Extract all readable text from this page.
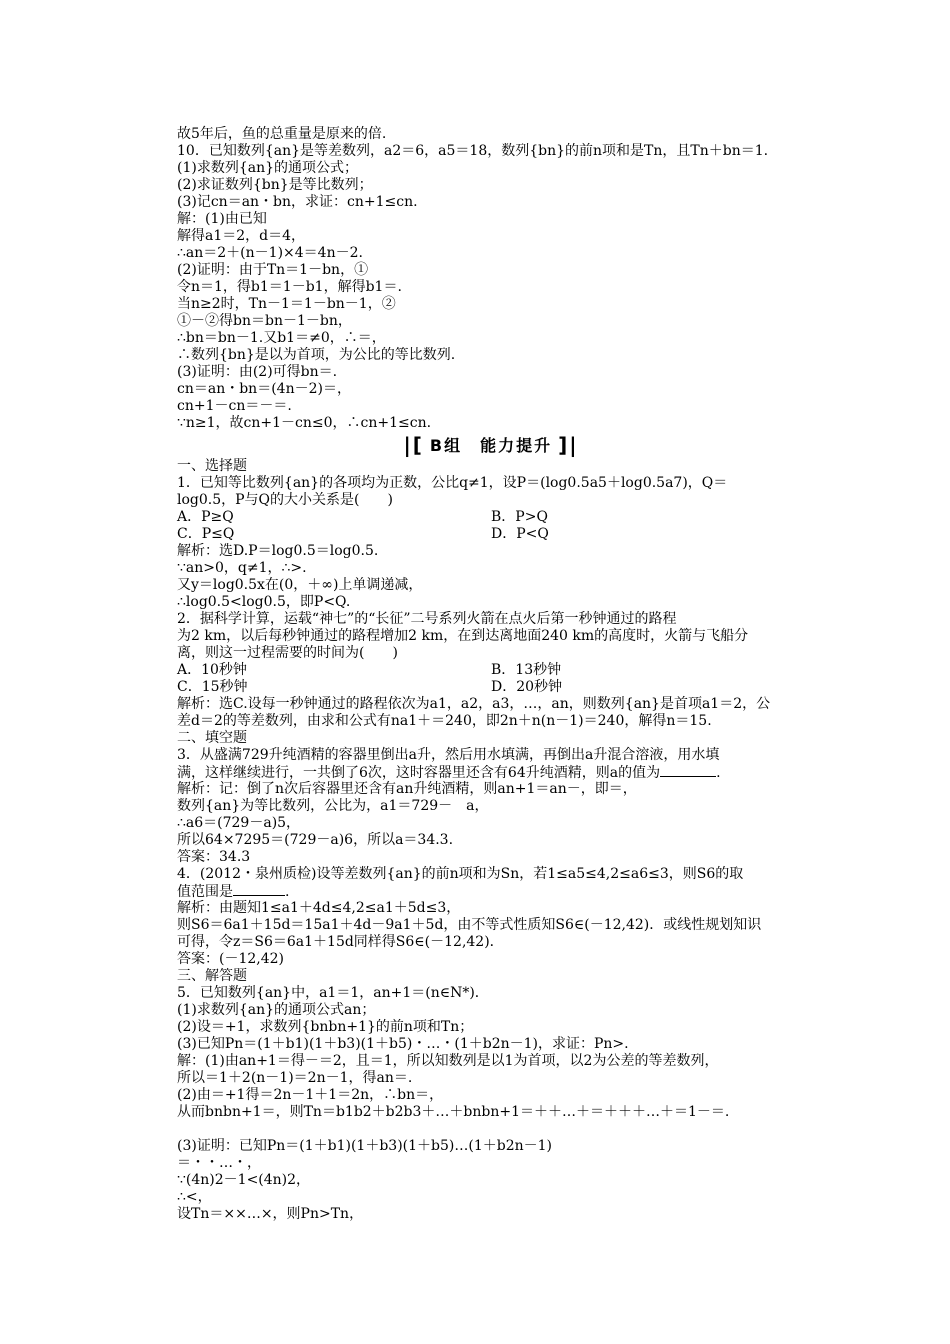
故5年后，鱼的总重量是原来的倍.
10．已知数列{an}是等差数列，a2＝6，a5＝18，数列{bn}的前n项和是Tn，且Tn＋bn＝1.
(1)求数列{an}的通项公式；
(2)求证数列{bn}是等比数列；
(3)记cn＝an・bn，求证：cn+1≤cn.
解：(1)由已知
解得a1＝2，d＝4，
∴an＝2＋(n－1)×4＝4n－2.
(2)证明：由于Tn＝1－bn，①
令n＝1，得b1＝1－b1，解得b1＝.
当n≥2时，Tn－1＝1－bn－1，②
①－②得bn＝bn－1－bn，
∴bn＝bn－1.又b1＝≠0，∴＝，
∴数列{bn}是以为首项，为公比的等比数列.
(3)证明：由(2)可得bn＝.
cn＝an・bn＝(4n－2)＝，
cn+1－cn＝－＝.
∵n≥1，故cn+1－cn≤0，∴cn+1≤cn.
|[ B组　能力提升 ]|
一、选择题
1．已知等比数列{an}的各项均为正数，公比q≠1，设P＝(log0.5a5＋log0.5a7)，Q＝
log0.5，P与Q的大小关系是(　　)
A．P≥Q	B．P>Q
C．P≤Q	D．P<Q
解析：选D.P＝log0.5＝log0.5.
∵an>0，q≠1，∴>.
又y＝log0.5x在(0，＋∞)上单调递减，
∴log0.5<log0.5，即P<Q.
2．据科学计算，运载“神七”的“长征”二号系列火箭在点火后第一秒钟通过的路程
为2 km，以后每秒钟通过的路程增加2 km，在到达离地面240 km的高度时，火箭与飞船分
离，则这一过程需要的时间为(　　)
A．10秒钟	B．13秒钟
C．15秒钟	D．20秒钟
解析：选C.设每一秒钟通过的路程依次为a1，a2，a3，…，an，则数列{an}是首项a1＝2，公
差d＝2的等差数列，由求和公式有na1＋＝240，即2n＋n(n－1)＝240，解得n＝15.
二、填空题
3．从盛满729升纯酒精的容器里倒出a升，然后用水填满，再倒出a升混合溶液，用水填
满，这样继续进行，一共倒了6次，这时容器里还含有64升纯酒精，则a的值为	.
解析：记：倒了n次后容器里还含有an升纯酒精，则an+1＝an－，即＝，
数列{an}为等比数列，公比为，a1＝729－　a，
∴a6＝(729－a)5，
所以64×7295＝(729－a)6，所以a＝34.3.
答案：34.3
4．(2012・泉州质检)设等差数列{an}的前n项和为Sn，若1≤a5≤4,2≤a6≤3，则S6的取
值范围是	.
解析：由题知1≤a1＋4d≤4,2≤a1＋5d≤3，
则S6＝6a1＋15d＝15a1＋4d－9a1＋5d，由不等式性质知S6∈(－12,42)．或线性规划知识
可得，令z＝S6＝6a1＋15d同样得S6∈(－12,42)．
答案：(－12,42)
三、解答题
5．已知数列{an}中，a1＝1，an+1＝(n∈N*)．
(1)求数列{an}的通项公式an；
(2)设＝+1，求数列{bnbn+1}的前n项和Tn；
(3)已知Pn＝(1＋b1)(1＋b3)(1＋b5)・…・(1＋b2n－1)，求证：Pn>.
解：(1)由an+1＝得－＝2，且＝1，所以知数列是以1为首项，以2为公差的等差数列，
所以＝1＋2(n－1)＝2n－1，得an＝.
(2)由＝+1得＝2n－1＋1＝2n，∴bn＝，
从而bnbn+1＝，则Tn＝b1b2＋b2b3＋…＋bnbn+1＝＋＋…＋＝＋＋＋…＋＝1－＝.
(3)证明：已知Pn＝(1＋b1)(1＋b3)(1＋b5)…(1＋b2n－1)
＝・・…・，
∵(4n)2－1<(4n)2，
∴<，
设Tn＝××…×，则Pn>Tn，
